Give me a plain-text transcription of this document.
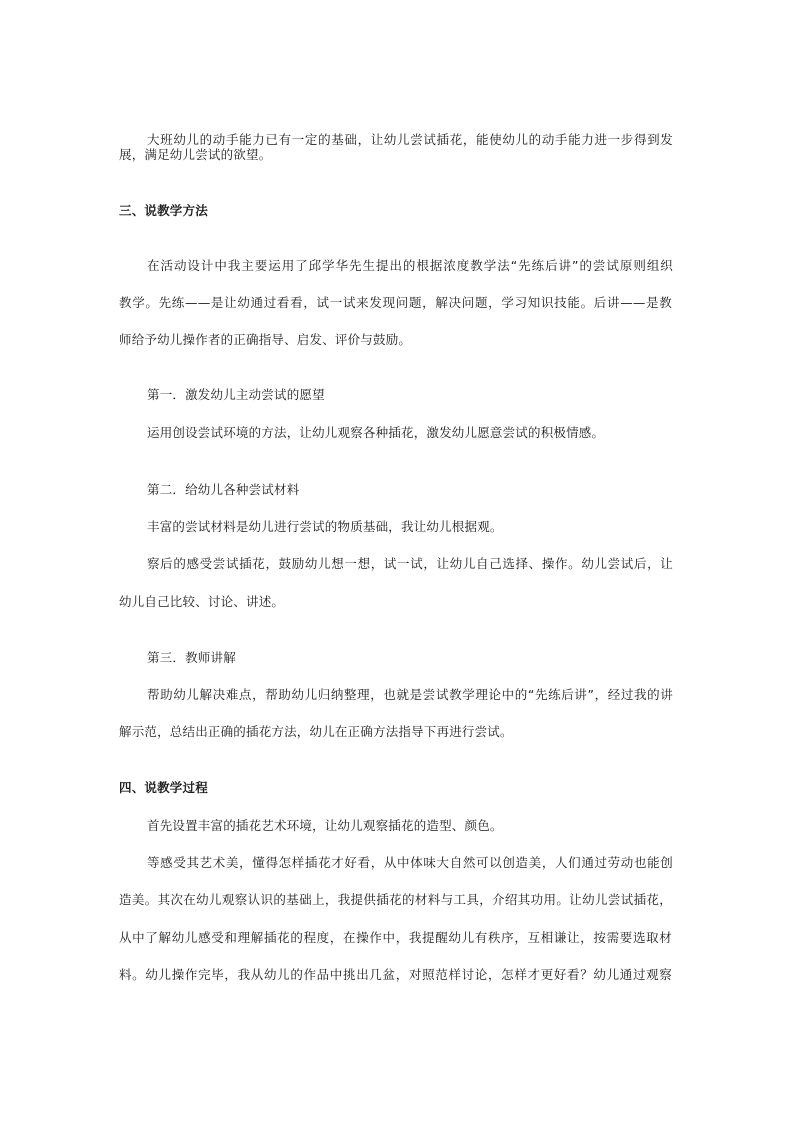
大班幼儿的动手能力已有一定的基础，让幼儿尝试插花，能使幼儿的动手能力进一步得到发
展，满足幼儿尝试的欲望。
三、说教学方法
在活动设计中我主要运用了邱学华先生提出的根据浓度教学法“先练后讲”的尝试原则组织
教学。先练——是让幼通过看看，试一试来发现问题，解决问题，学习知识技能。后讲——是教
师给予幼儿操作者的正确指导、启发、评价与鼓励。
第一．激发幼儿主动尝试的愿望
运用创设尝试环境的方法，让幼儿观察各种插花，激发幼儿愿意尝试的积极情感。
第二．给幼儿各种尝试材料
丰富的尝试材料是幼儿进行尝试的物质基础，我让幼儿根据观。
察后的感受尝试插花，鼓励幼儿想一想，试一试，让幼儿自己选择、操作。幼儿尝试后，让
幼儿自己比较、讨论、讲述。
第三．教师讲解
帮助幼儿解决难点，帮助幼儿归纳整理，也就是尝试教学理论中的“先练后讲”，经过我的讲
解示范，总结出正确的插花方法，幼儿在正确方法指导下再进行尝试。
四、说教学过程
首先设置丰富的插花艺术环境，让幼儿观察插花的造型、颜色。
等感受其艺术美，懂得怎样插花才好看，从中体味大自然可以创造美，人们通过劳动也能创
造美。其次在幼儿观察认识的基础上，我提供插花的材料与工具，介绍其功用。让幼儿尝试插花，
从中了解幼儿感受和理解插花的程度，在操作中，我提醒幼儿有秩序，互相谦让，按需要选取材
料。幼儿操作完毕，我从幼儿的作品中挑出几盆，对照范样讨论，怎样才更好看？幼儿通过观察
